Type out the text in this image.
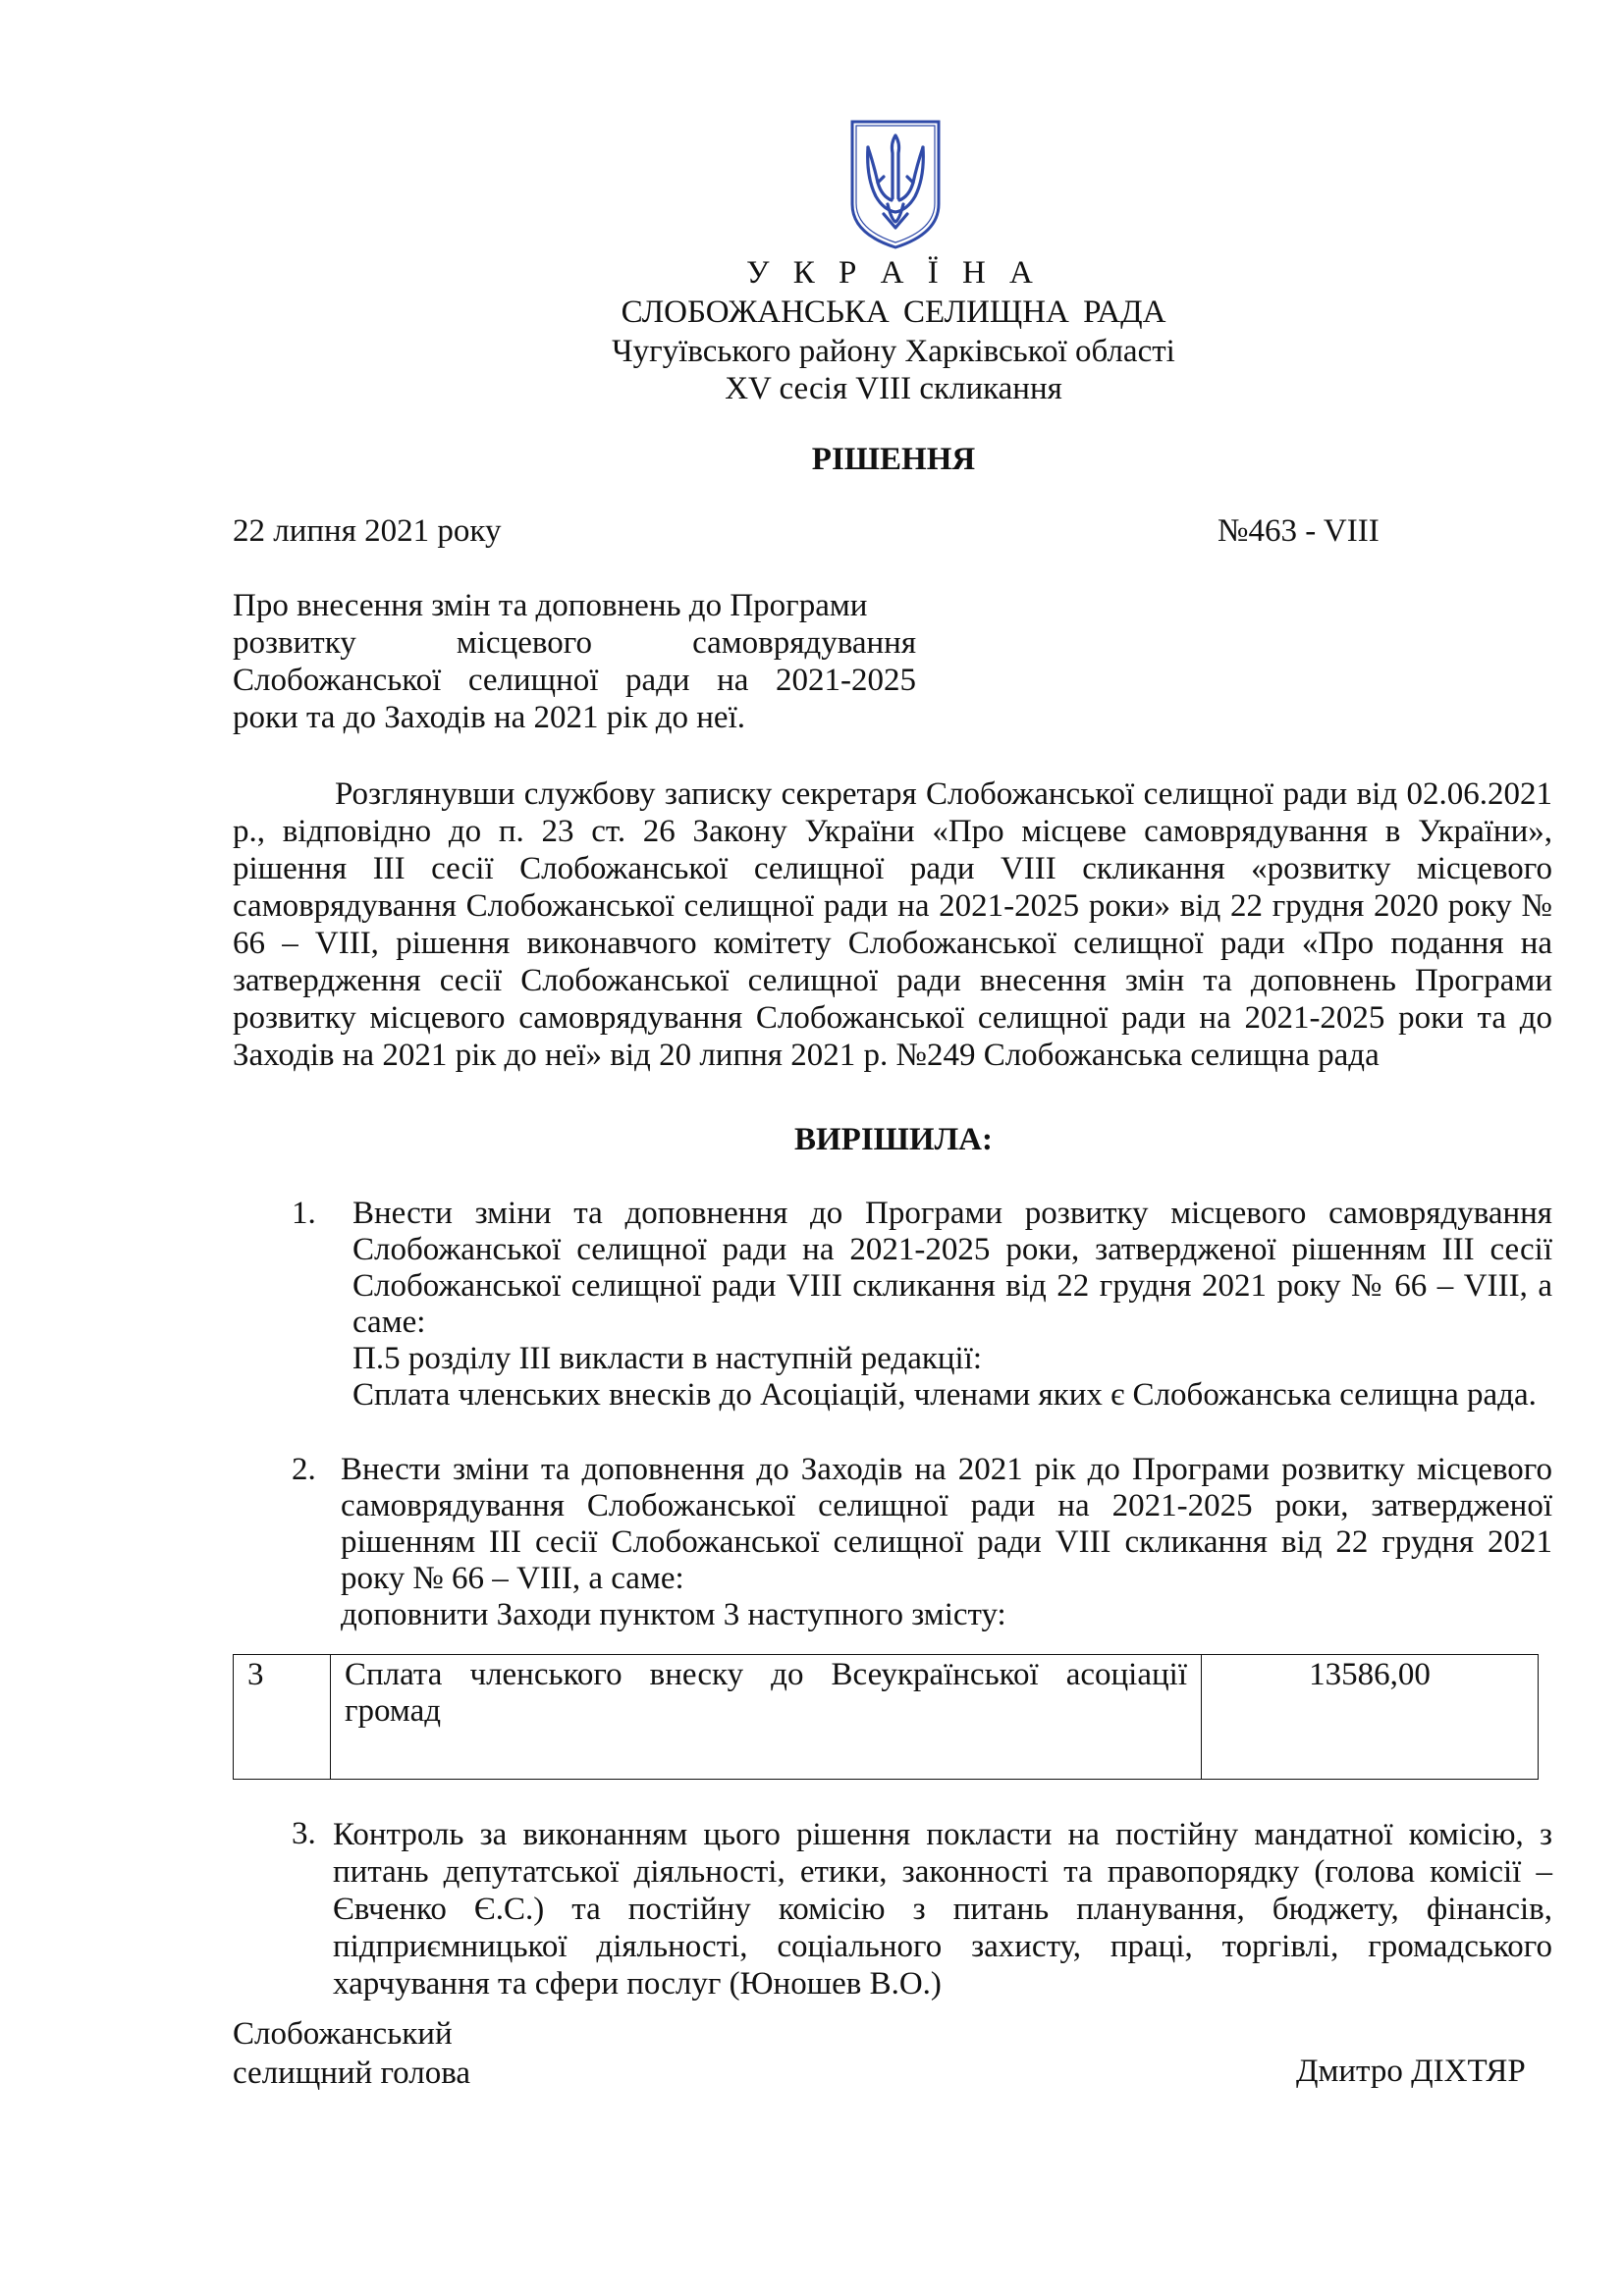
У К Р А Ї Н А
СЛОБОЖАНСЬКА СЕЛИЩНА РАДА
Чугуївського району Харківської області
XV сесія VIII скликання
РІШЕННЯ
22 липня 2021 року	№463 - VIII
Про внесення змін та доповнень до Програми
розвитку місцевого самоврядування
Слобожанської селищної ради на 2021-2025
роки та до Заходів на 2021 рік до неї.
Розглянувши службову записку секретаря Слобожанської селищної ради від 02.06.2021 р., відповідно до п. 23 ст. 26 Закону України «Про місцеве самоврядування в України», рішення ІІІ сесії Слобожанської селищної ради VIII скликання «розвитку місцевого самоврядування Слобожанської селищної ради на 2021-2025 роки» від 22 грудня 2020 року № 66 – VIII, рішення виконавчого комітету Слобожанської селищної ради «Про подання на затвердження сесії Слобожанської селищної ради внесення змін та доповнень Програми розвитку місцевого самоврядування Слобожанської селищної ради на 2021-2025 роки та до Заходів на 2021 рік до неї» від 20 липня 2021 р. №249 Слобожанська селищна рада
ВИРІШИЛА:
1. Внести зміни та доповнення до Програми розвитку місцевого самоврядування Слобожанської селищної ради на 2021-2025 роки, затвердженої рішенням ІІІ сесії Слобожанської селищної ради VIII скликання від 22 грудня 2021 року № 66 – VIII, а саме:
П.5 розділу ІІІ викласти в наступній редакції:
Сплата членських внесків до Асоціацій, членами яких є Слобожанська селищна рада.
2. Внести зміни та доповнення до Заходів на 2021 рік до Програми розвитку місцевого самоврядування Слобожанської селищної ради на 2021-2025 роки, затвердженої рішенням ІІІ сесії Слобожанської селищної ради VIII скликання від 22 грудня 2021 року № 66 – VIII, а саме:
доповнити Заходи пунктом 3 наступного змісту:
3	Сплата членського внеску до Всеукраїнської асоціації громад	13586,00
3. Контроль за виконанням цього рішення покласти на постійну мандатної комісію, з питань депутатської діяльності, етики, законності та правопорядку (голова комісії – Євченко Є.С.) та постійну комісію з питань планування, бюджету, фінансів, підприємницької діяльності, соціального захисту, праці, торгівлі, громадського харчування та сфери послуг (Юношев В.О.)
Слобожанський
селищний голова	Дмитро ДІХТЯР
